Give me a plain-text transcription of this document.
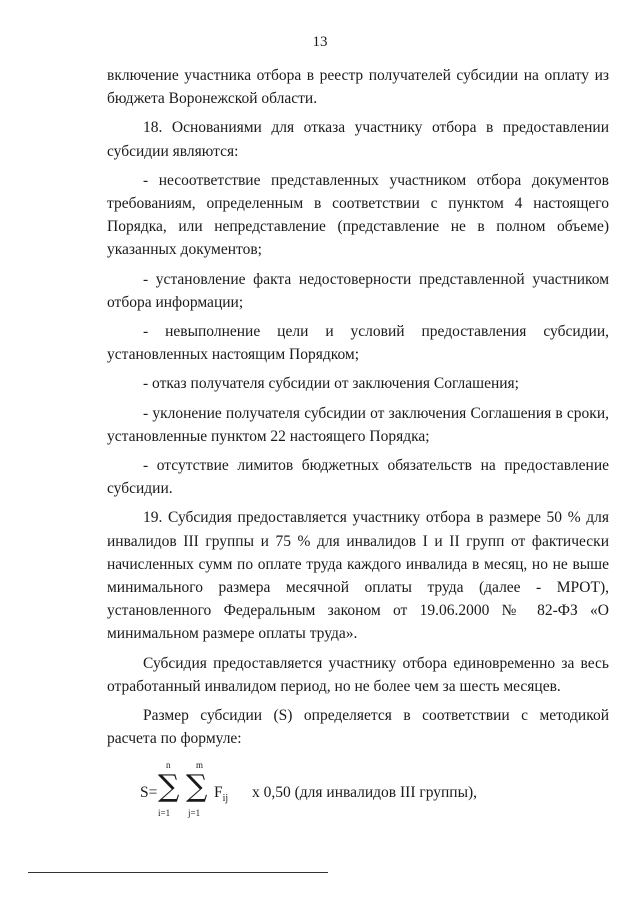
13

включение участника отбора в реестр получателей субсидии на оплату из бюджета Воронежской области.

18. Основаниями для отказа участнику отбора в предоставлении субсидии являются:

- несоответствие представленных участником отбора документов требованиям, определенным в соответствии с пунктом 4 настоящего Порядка, или непредставление (представление не в полном объеме) указанных документов;

- установление факта недостоверности представленной участником отбора информации;

- невыполнение цели и условий предоставления субсидии, установленных настоящим Порядком;

- отказ получателя субсидии от заключения Соглашения;

- уклонение получателя субсидии от заключения Соглашения в сроки, установленные пунктом 22 настоящего Порядка;

- отсутствие лимитов бюджетных обязательств на предоставление субсидии.

19. Субсидия предоставляется участнику отбора в размере 50 % для инвалидов III группы и 75 % для инвалидов I и II групп от фактически начисленных сумм по оплате труда каждого инвалида в месяц, но не выше минимального размера месячной оплаты труда (далее - МРОТ), установленного Федеральным законом от 19.06.2000 № 82-ФЗ «О минимальном размере оплаты труда».

Субсидия предоставляется участнику отбора единовременно за весь отработанный инвалидом период, но не более чем за шесть месяцев.

Размер субсидии (S) определяется в соответствии с методикой расчета по формуле:

S=
n	m
∑ ∑
i=1 j=1
$F_{ij}$ x 0,50 (для инвалидов III группы),
